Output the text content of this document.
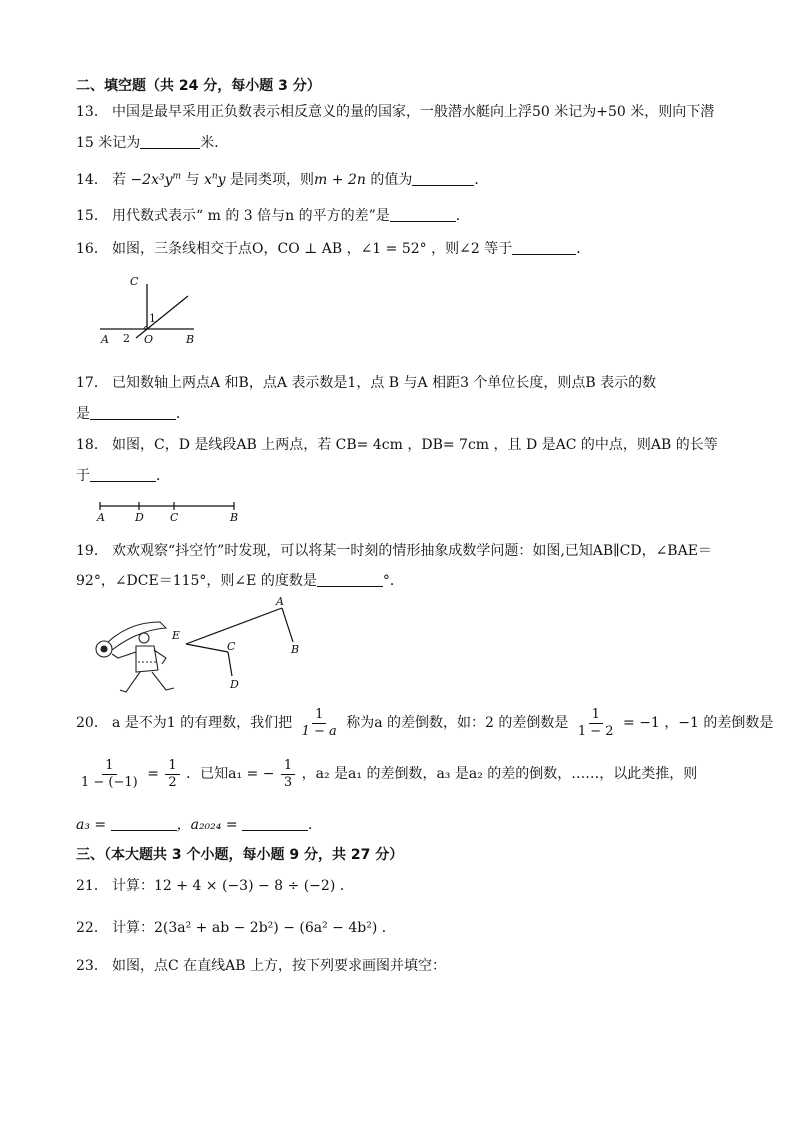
二、填空题（共 24 分，每小题 3 分）
13． 中国是最早采用正负数表示相反意义的量的国家，一般潜水艇向上浮50 米记为+50 米，则向下潜
15 米记为	米．
14． 若 $-2x^3y^m$ 与 $x^ny$ 是同类项，则m + 2n 的值为	．
15． 用代数式表示“ m 的 3 倍与n 的平方的差”是	．
16． 如图，三条线相交于点O，CO ⊥ AB ，∠1 = 52° ，则∠2 等于	．
C
1
A 2 O	B
17． 已知数轴上两点A 和B，点A 表示数是1，点 B 与A 相距3 个单位长度，则点B 表示的数
是	．
18． 如图，C，D 是线段AB 上两点，若 CB= 4cm ，DB= 7cm ，且 D 是AC 的中点，则AB 的长等
于	．
A	D C	B
19． 欢欢观察“抖空竹”时发现，可以将某一时刻的情形抽象成数学问题：如图,已知AB∥CD，∠BAE＝
92°，∠DCE＝115°，则∠E 的度数是	°．
A
B
C
D
E
20． a 是不为1 的有理数，我们把 $\frac{1}{1 - a}$ 称为a 的差倒数，如：2 的差倒数是 $\frac{1}{1 - 2} = -1$ ，−1 的差倒数是
$\frac{1}{1 - (-1)} = \frac{1}{2}$ ．已知a₁ = − $\frac{1}{3}$ ，a₂ 是a₁ 的差倒数，a₃ 是a₂ 的差的倒数，……，以此类推，则
a₃ =	，a₂₀₂₄ =	．
三、（本大题共 3 个小题，每小题 9 分，共 27 分）
21． 计算：12 + 4 × (−3) − 8 ÷ (−2) ．
22． 计算：2(3a² + ab − 2b²) − (6a² − 4b²) ．
23． 如图，点C 在直线AB 上方，按下列要求画图并填空：
